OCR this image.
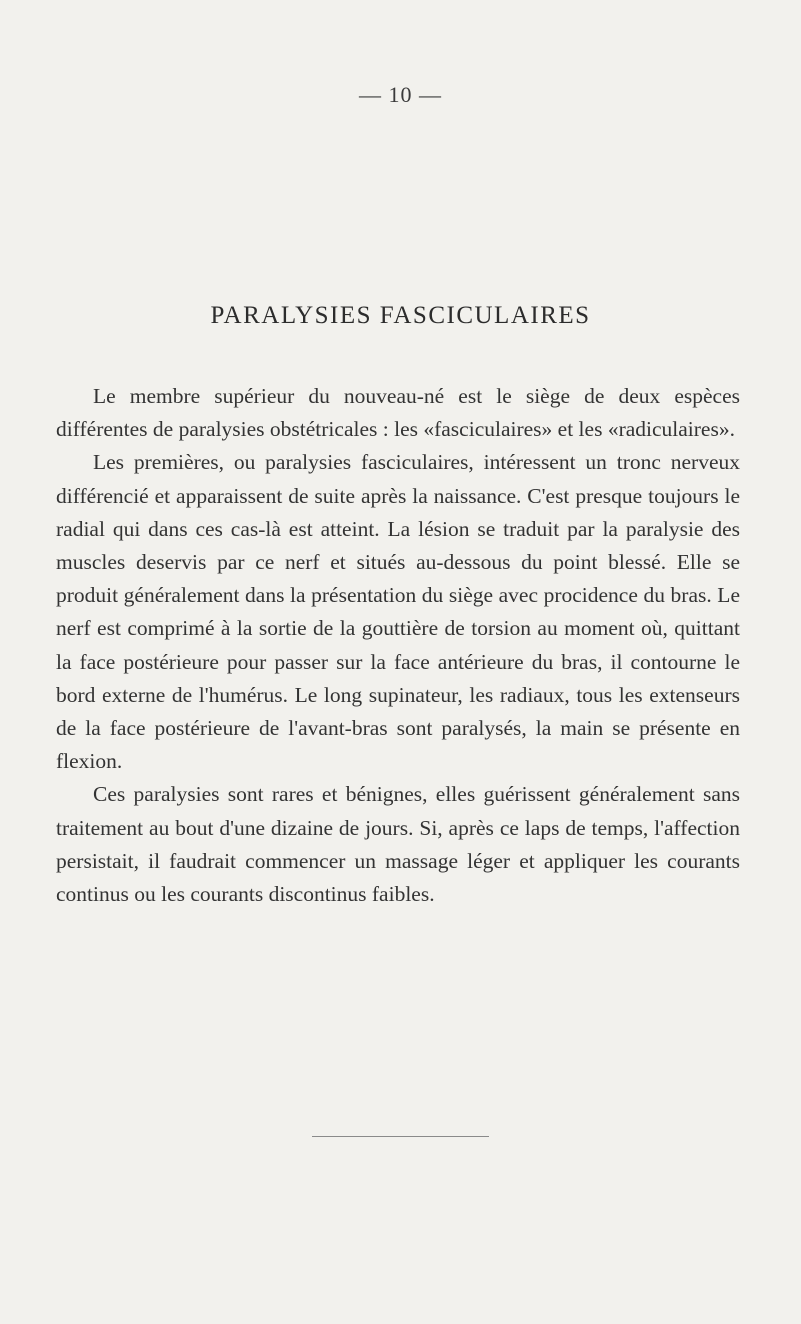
— 10 —
PARALYSIES FASCICULAIRES

Le membre supérieur du nouveau-né est le siège de deux espèces différentes de paralysies obstétricales : les «fasciculaires» et les «radiculaires».

Les premières, ou paralysies fasciculaires, intéressent un tronc nerveux différencié et apparaissent de suite après la naissance. C'est presque toujours le radial qui dans ces cas-là est atteint. La lésion se traduit par la paralysie des muscles deservis par ce nerf et situés au-dessous du point blessé. Elle se produit généralement dans la présentation du siège avec procidence du bras. Le nerf est comprimé à la sortie de la gouttière de torsion au moment où, quittant la face postérieure pour passer sur la face antérieure du bras, il contourne le bord externe de l'humérus. Le long supinateur, les radiaux, tous les extenseurs de la face postérieure de l'avant-bras sont paralysés, la main se présente en flexion.

Ces paralysies sont rares et bénignes, elles guérissent généralement sans traitement au bout d'une dizaine de jours. Si, après ce laps de temps, l'affection persistait, il faudrait commencer un massage léger et appliquer les courants continus ou les courants discontinus faibles.
